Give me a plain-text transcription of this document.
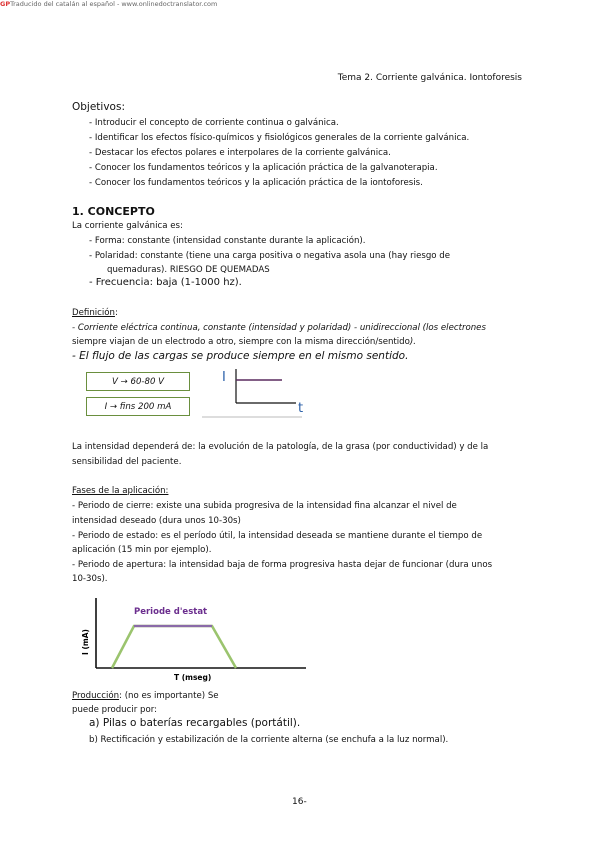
GPTraducido del catalán al español - www.onlinedoctranslator.com
Tema 2. Corriente galvánica. Iontoforesis
Objetivos:
- Introducir el concepto de corriente continua o galvánica.
- Identificar los efectos físico-químicos y fisiológicos generales de la corriente galvánica.
- Destacar los efectos polares e interpolares de la corriente galvánica.
- Conocer los fundamentos teóricos y la aplicación práctica de la galvanoterapia.
- Conocer los fundamentos teóricos y la aplicación práctica de la iontoforesis.
1. CONCEPTO
La corriente galvánica es:
- Forma: constante (intensidad constante durante la aplicación).
- Polaridad: constante (tiene una carga positiva o negativa asola una (hay riesgo de
quemaduras). RIESGO DE QUEMADAS
- Frecuencia: baja (1-1000 hz).
Definición:
- Corriente eléctrica continua, constante (intensidad y polaridad) - unidireccional (los electrones
siempre viajan de un electrodo a otro, siempre con la misma dirección/sentido).
- El flujo de las cargas se produce siempre en el mismo sentido.
V → 60-80 V
I → fins 200 mA
I
t
La intensidad dependerá de: la evolución de la patología, de la grasa (por conductividad) y de la
sensibilidad del paciente.
Fases de la aplicación:
- Periodo de cierre: existe una subida progresiva de la intensidad fina alcanzar el nivel de
intensidad deseado (dura unos 10-30s)
- Periodo de estado: es el período útil, la intensidad deseada se mantiene durante el tiempo de
aplicación (15 min por ejemplo).
- Periodo de apertura: la intensidad baja de forma progresiva hasta dejar de funcionar (dura unos
10-30s).
Periode d'estat
I (mA)
T (mseg)
Producción: (no es importante) Se
puede producir por:
a) Pilas o baterías recargables (portátil).
b) Rectificación y estabilización de la corriente alterna (se enchufa a la luz normal).
16-
